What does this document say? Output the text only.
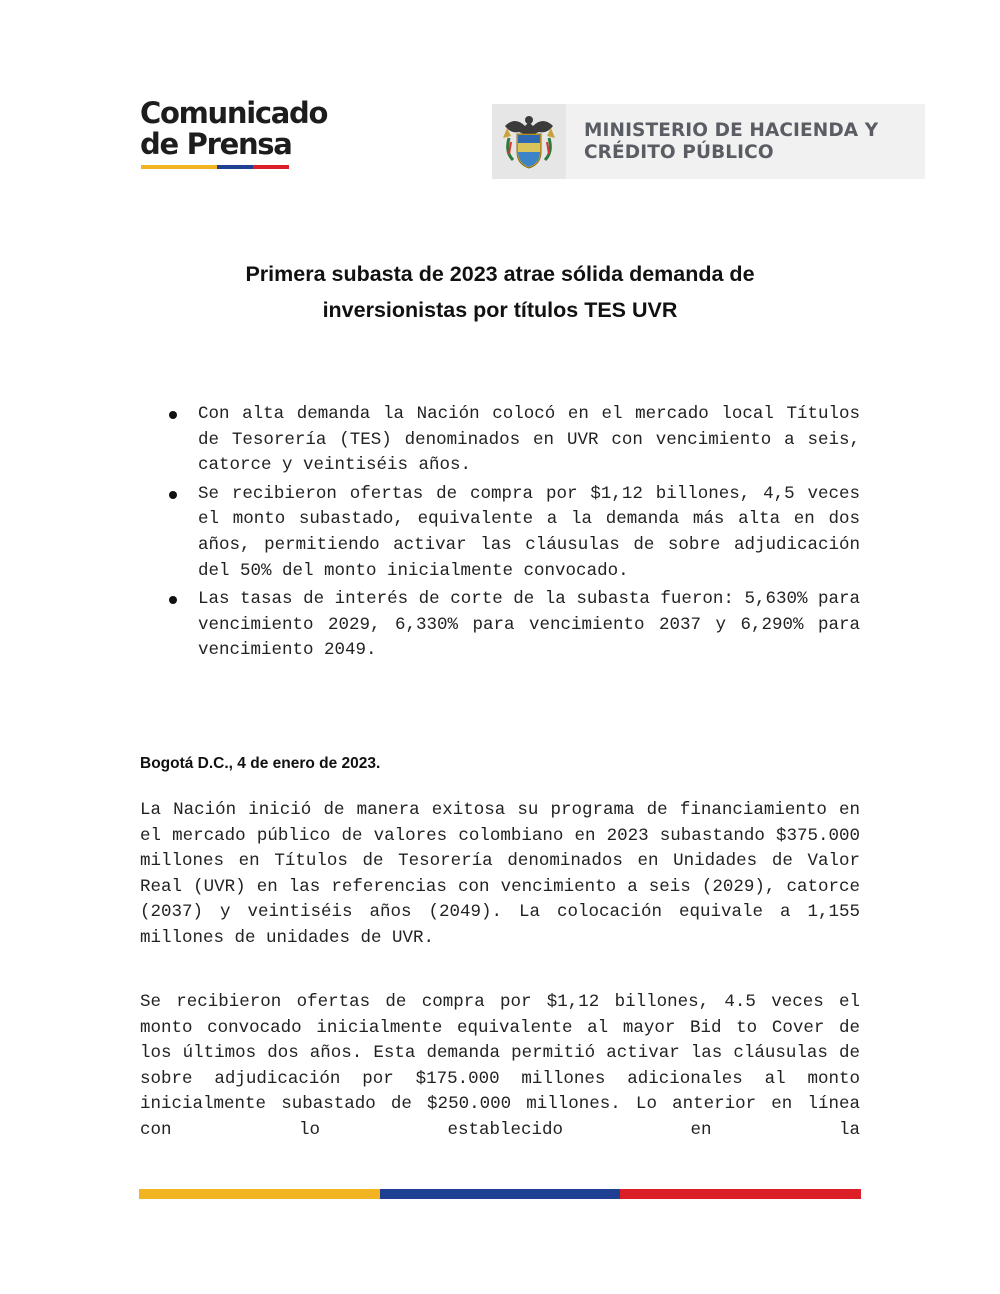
Comunicado
de Prensa	MINISTERIO DE HACIENDA Y
CRÉDITO PÚBLICO
Primera subasta de 2023 atrae sólida demanda de
inversionistas por títulos TES UVR
Con alta demanda la Nación colocó en el mercado local Títulos de Tesorería (TES) denominados en UVR con vencimiento a seis, catorce y veintiséis años.
Se recibieron ofertas de compra por $1,12 billones, 4,5 veces el monto subastado, equivalente a la demanda más alta en dos años, permitiendo activar las cláusulas de sobre adjudicación del 50% del monto inicialmente convocado.
Las tasas de interés de corte de la subasta fueron: 5,630% para vencimiento 2029, 6,330% para vencimiento 2037 y 6,290% para vencimiento 2049.
Bogotá D.C., 4 de enero de 2023.

La Nación inició de manera exitosa su programa de financiamiento en el mercado público de valores colombiano en 2023 subastando $375.000 millones en Títulos de Tesorería denominados en Unidades de Valor Real (UVR) en las referencias con vencimiento a seis (2029), catorce (2037) y veintiséis años (2049). La colocación equivale a 1,155 millones de unidades de UVR.

Se recibieron ofertas de compra por $1,12 billones, 4.5 veces el monto convocado inicialmente equivalente al mayor Bid to Cover de los últimos dos años. Esta demanda permitió activar las cláusulas de sobre adjudicación por $175.000 millones adicionales al monto inicialmente subastado de $250.000 millones. Lo anterior en línea con lo establecido en la
